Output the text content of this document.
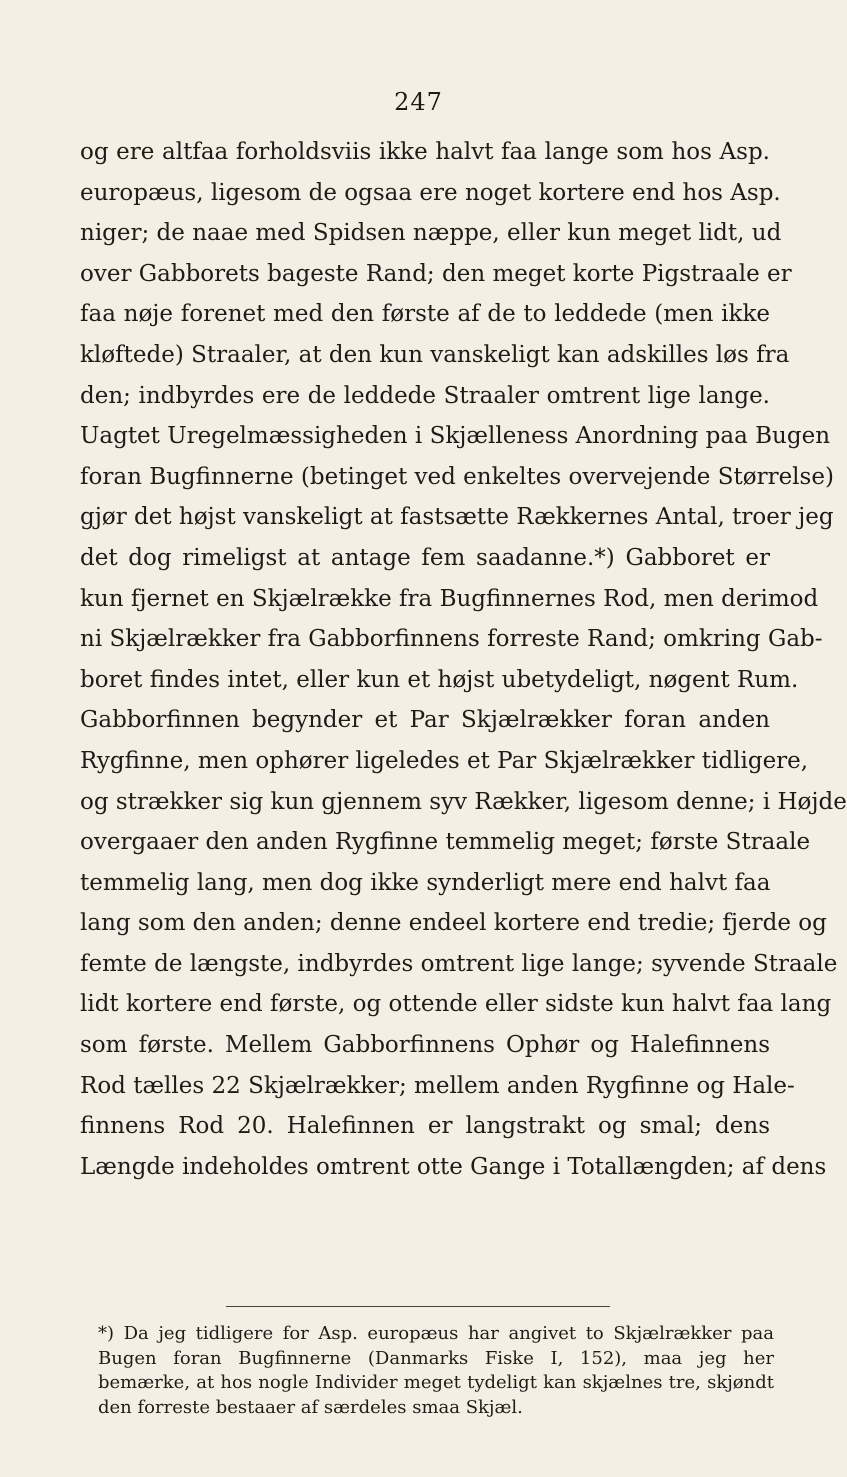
247
og ere altfaa forholdsviis ikke halvt faa lange som hos Asp.
europæus, ligesom de ogsaa ere noget kortere end hos Asp.
niger; de naae med Spidsen næppe, eller kun meget lidt, ud
over Gabborets bageste Rand; den meget korte Pigstraale er
faa nøje forenet med den første af de to leddede (men ikke
kløftede) Straaler, at den kun vanskeligt kan adskilles løs fra
den; indbyrdes ere de leddede Straaler omtrent lige lange.
Uagtet Uregelmæssigheden i Skjælleness Anordning paa Bugen
foran Bugfinnerne (betinget ved enkeltes overvejende Størrelse)
gjør det højst vanskeligt at fastsætte Rækkernes Antal, troer jeg
det dog rimeligst at antage fem saadanne.*) Gabboret er
kun fjernet en Skjælrække fra Bugfinnernes Rod, men derimod
ni Skjælrækker fra Gabborfinnens forreste Rand; omkring Gab-
boret findes intet, eller kun et højst ubetydeligt, nøgent Rum.
Gabborfinnen begynder et Par Skjælrækker foran anden
Rygfinne, men ophører ligeledes et Par Skjælrækker tidligere,
og strækker sig kun gjennem syv Rækker, ligesom denne; i Højde
overgaaer den anden Rygfinne temmelig meget; første Straale
temmelig lang, men dog ikke synderligt mere end halvt faa
lang som den anden; denne endeel kortere end tredie; fjerde og
femte de længste, indbyrdes omtrent lige lange; syvende Straale
lidt kortere end første, og ottende eller sidste kun halvt faa lang
som første. Mellem Gabborfinnens Ophør og Halefinnens
Rod tælles 22 Skjælrækker; mellem anden Rygfinne og Hale-
finnens Rod 20. Halefinnen er langstrakt og smal; dens
Længde indeholdes omtrent otte Gange i Totallængden; af dens
*) Da jeg tidligere for Asp. europæus har angivet to Skjælrækker paa
Bugen foran Bugfinnerne (Danmarks Fiske I, 152), maa jeg her
bemærke, at hos nogle Individer meget tydeligt kan skjælnes tre, skjøndt
den forreste bestaaer af særdeles smaa Skjæl.
